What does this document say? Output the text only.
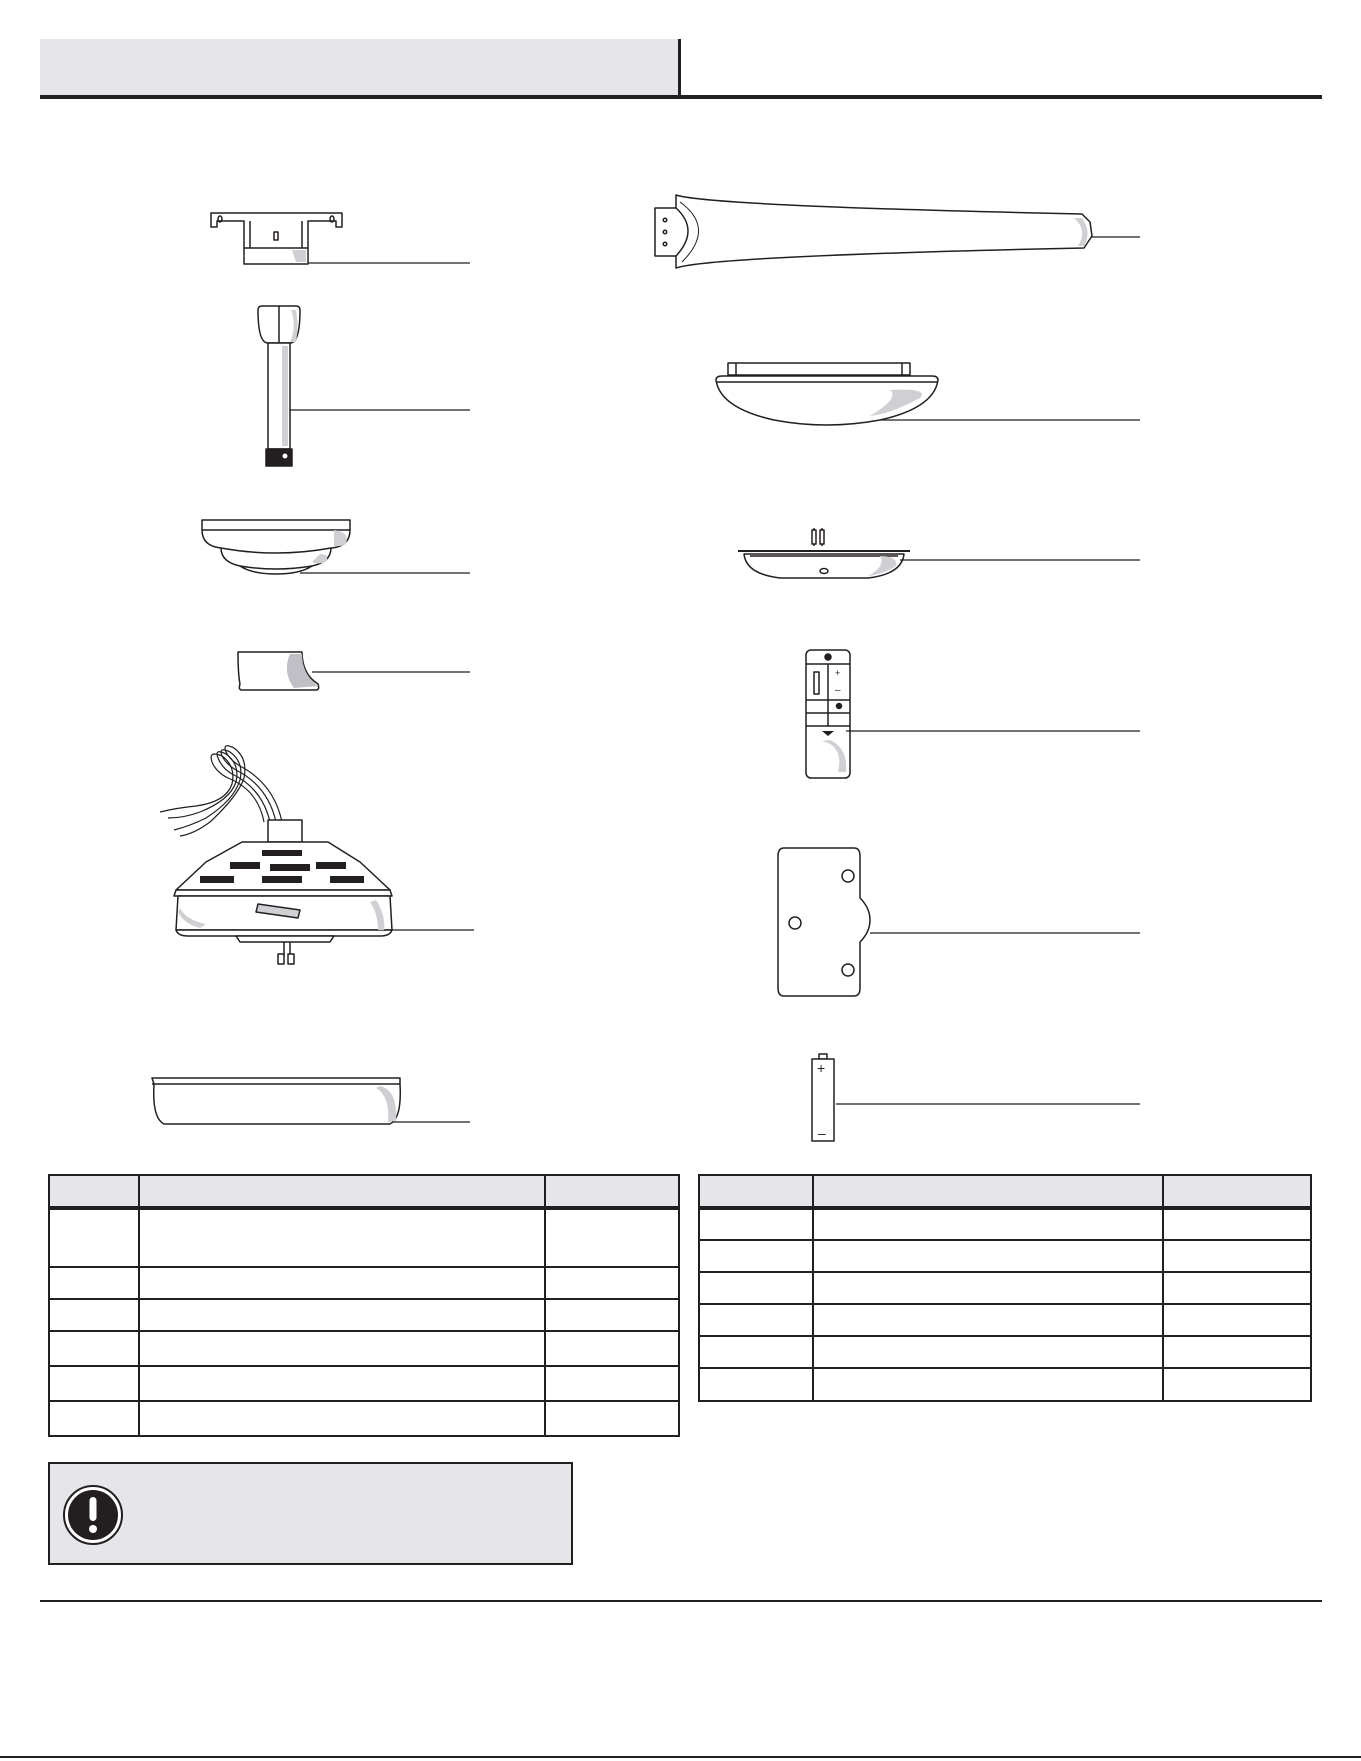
+
–
+
–
